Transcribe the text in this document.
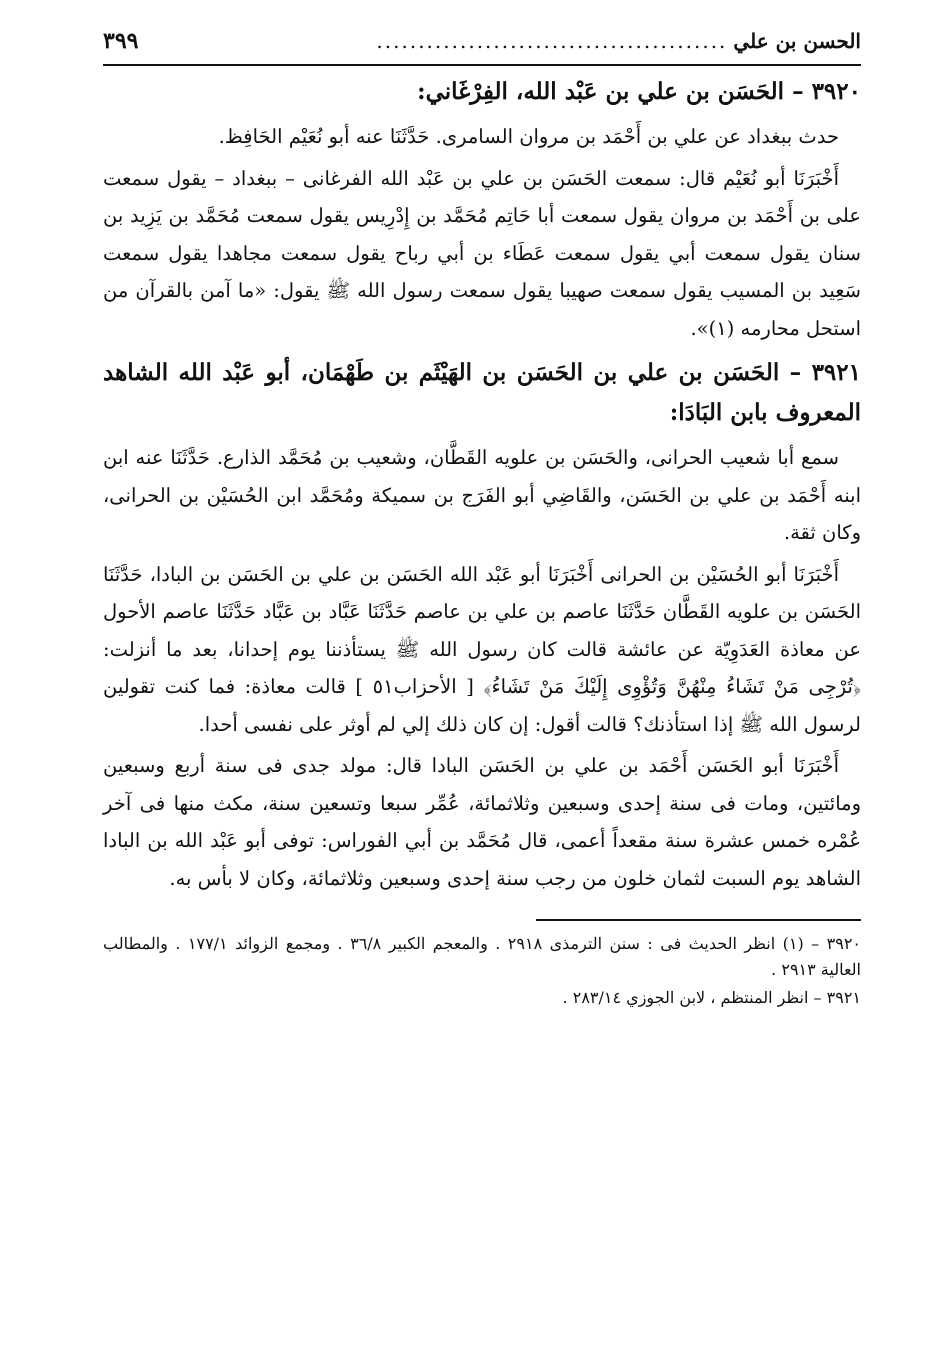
الحسن بن علي
..........................................
٣٩٩
٣٩٢٠ – الحَسَن بن علي بن عَبْد الله، الفِرْغَاني:

حدث ببغداد عن علي بن أَحْمَد بن مروان السامرى. حَدَّثَنَا عنه أبو نُعَيْم الحَافِظ.

أَخْبَرَنَا أبو نُعَيْم قال: سمعت الحَسَن بن علي بن عَبْد الله الفرغانى – ببغداد – يقول سمعت على بن أَحْمَد بن مروان يقول سمعت أبا حَاتِم مُحَمَّد بن إِدْرِيس يقول سمعت مُحَمَّد بن يَزِيد بن سنان يقول سمعت أبي يقول سمعت عَطَاء بن أبي رباح يقول سمعت مجاهدا يقول سمعت سَعِيد بن المسيب يقول سمعت صهيبا يقول سمعت رسول الله ﷺ يقول: «ما آمن بالقرآن من استحل محارمه (١)».

٣٩٢١ – الحَسَن بن علي بن الحَسَن بن الهَيْثَم بن طَهْمَان، أبو عَبْد الله الشاهد المعروف بابن البَادَا:

سمع أبا شعيب الحرانى، والحَسَن بن علويه القَطَّان، وشعيب بن مُحَمَّد الذارع. حَدَّثَنَا عنه ابن ابنه أَحْمَد بن علي بن الحَسَن، والقَاضِي أبو الفَرَج بن سميكة ومُحَمَّد ابن الحُسَيْن بن الحرانى، وكان ثقة.

أَخْبَرَنَا أبو الحُسَيْن بن الحرانى أَخْبَرَنَا أبو عَبْد الله الحَسَن بن علي بن الحَسَن بن البادا، حَدَّثَنَا الحَسَن بن علويه القَطَّان حَدَّثَنَا عاصم بن علي بن عاصم حَدَّثَنَا عَبَّاد بن عَبَّاد حَدَّثَنَا عاصم الأحول عن معاذة العَدَوِيّة عن عائشة قالت كان رسول الله ﷺ يستأذننا يوم إحدانا، بعد ما أنزلت: ﴿تُرْجِى مَنْ تَشَاءُ مِنْهُنَّ وَتُؤْوِى إِلَيْكَ مَنْ تَشَاءُ﴾ [ الأحزاب٥١ ] قالت معاذة: فما كنت تقولين لرسول الله ﷺ إذا استأذنك؟ قالت أقول: إن كان ذلك إلي لم أوثر على نفسى أحدا.

أَخْبَرَنَا أبو الحَسَن أَحْمَد بن علي بن الحَسَن البادا قال: مولد جدى فى سنة أربع وسبعين ومائتين، ومات فى سنة إحدى وسبعين وثلاثمائة، عُمِّر سبعا وتسعين سنة، مكث منها فى آخر عُمْره خمس عشرة سنة مقعداً أعمى، قال مُحَمَّد بن أبي الفوراس: توفى أبو عَبْد الله بن البادا الشاهد يوم السبت لثمان خلون من رجب سنة إحدى وسبعين وثلاثمائة، وكان لا بأس به.

٣٩٢٠ – (١) انظر الحديث فى : سنن الترمذى ٢٩١٨ . والمعجم الكبير ٣٦/٨ . ومجمع الزوائد ١٧٧/١ . والمطالب العالية ٢٩١٣ .

٣٩٢١ – انظر المنتظم ، لابن الجوزي ٢٨٣/١٤ .
